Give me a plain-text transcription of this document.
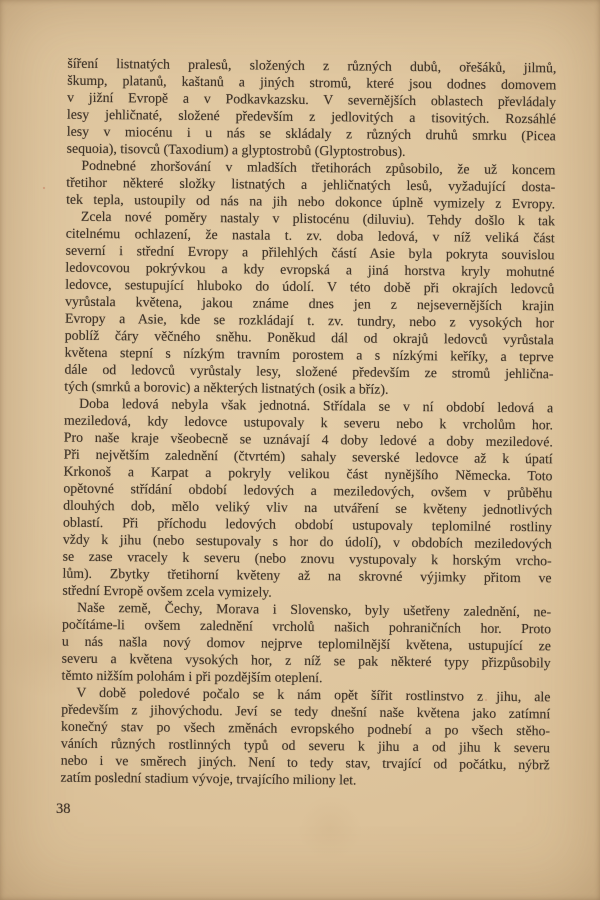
šíření listnatých pralesů, složených z různých dubů, ořešáků, jilmů,
škump, platanů, kaštanů a jiných stromů, které jsou dodnes domovem
v jižní Evropě a v Podkavkazsku. V severnějších oblastech převládaly
lesy jehličnaté, složené především z jedlovitých a tisovitých. Rozsáhlé
lesy v miocénu i u nás se skládaly z různých druhů smrku (Picea
sequoia), tisovců (Taxodium) a glyptostrobů (Glyptostrobus).
Podnebné zhoršování v mladších třetihorách způsobilo, že už koncem
třetihor některé složky listnatých a jehličnatých lesů, vyžadující dosta-
tek tepla, ustoupily od nás na jih nebo dokonce úplně vymizely z Evropy.
Zcela nové poměry nastaly v plistocénu (diluviu). Tehdy došlo k tak
citelnému ochlazení, že nastala t. zv. doba ledová, v níž veliká část
severní i střední Evropy a přilehlých částí Asie byla pokryta souvislou
ledovcovou pokrývkou a kdy evropská a jiná horstva kryly mohutné
ledovce, sestupující hluboko do údolí. V této době při okrajích ledovců
vyrůstala květena, jakou známe dnes jen z nejsevernějších krajin
Evropy a Asie, kde se rozkládají t. zv. tundry, nebo z vysokých hor
poblíž čáry věčného sněhu. Poněkud dál od okrajů ledovců vyrůstala
květena stepní s nízkým travním porostem a s nízkými keříky, a teprve
dále od ledovců vyrůstaly lesy, složené především ze stromů jehlična-
tých (smrků a borovic) a některých listnatých (osik a bříz).
Doba ledová nebyla však jednotná. Střídala se v ní období ledová a
meziledová, kdy ledovce ustupovaly k severu nebo k vrcholům hor.
Pro naše kraje všeobecně se uznávají 4 doby ledové a doby meziledové.
Při největším zalednění (čtvrtém) sahaly severské ledovce až k úpatí
Krkonoš a Karpat a pokryly velikou část nynějšího Německa. Toto
opětovné střídání období ledových a meziledových, ovšem v průběhu
dlouhých dob, mělo veliký vliv na utváření se květeny jednotlivých
oblastí. Při příchodu ledových období ustupovaly teplomilné rostliny
vždy k jihu (nebo sestupovaly s hor do údolí), v obdobích meziledových
se zase vracely k severu (nebo znovu vystupovaly k horským vrcho-
lům). Zbytky třetihorní květeny až na skrovné výjimky přitom ve
střední Evropě ovšem zcela vymizely.
Naše země, Čechy, Morava i Slovensko, byly ušetřeny zalednění, ne-
počítáme-li ovšem zalednění vrcholů našich pohraničních hor. Proto
u nás našla nový domov nejprve teplomilnější květena, ustupující ze
severu a květena vysokých hor, z níž se pak některé typy přizpůsobily
těmto nižším polohám i při pozdějším oteplení.
V době poledové počalo se k nám opět šířit rostlinstvo z jihu, ale
především z jihovýchodu. Jeví se tedy dnešní naše květena jako zatímní
konečný stav po všech změnách evropského podnebí a po všech stěho-
váních různých rostlinných typů od severu k jihu a od jihu k severu
nebo i ve směrech jiných. Není to tedy stav, trvající od počátku, nýbrž
zatím poslední stadium vývoje, trvajícího miliony let.
38
